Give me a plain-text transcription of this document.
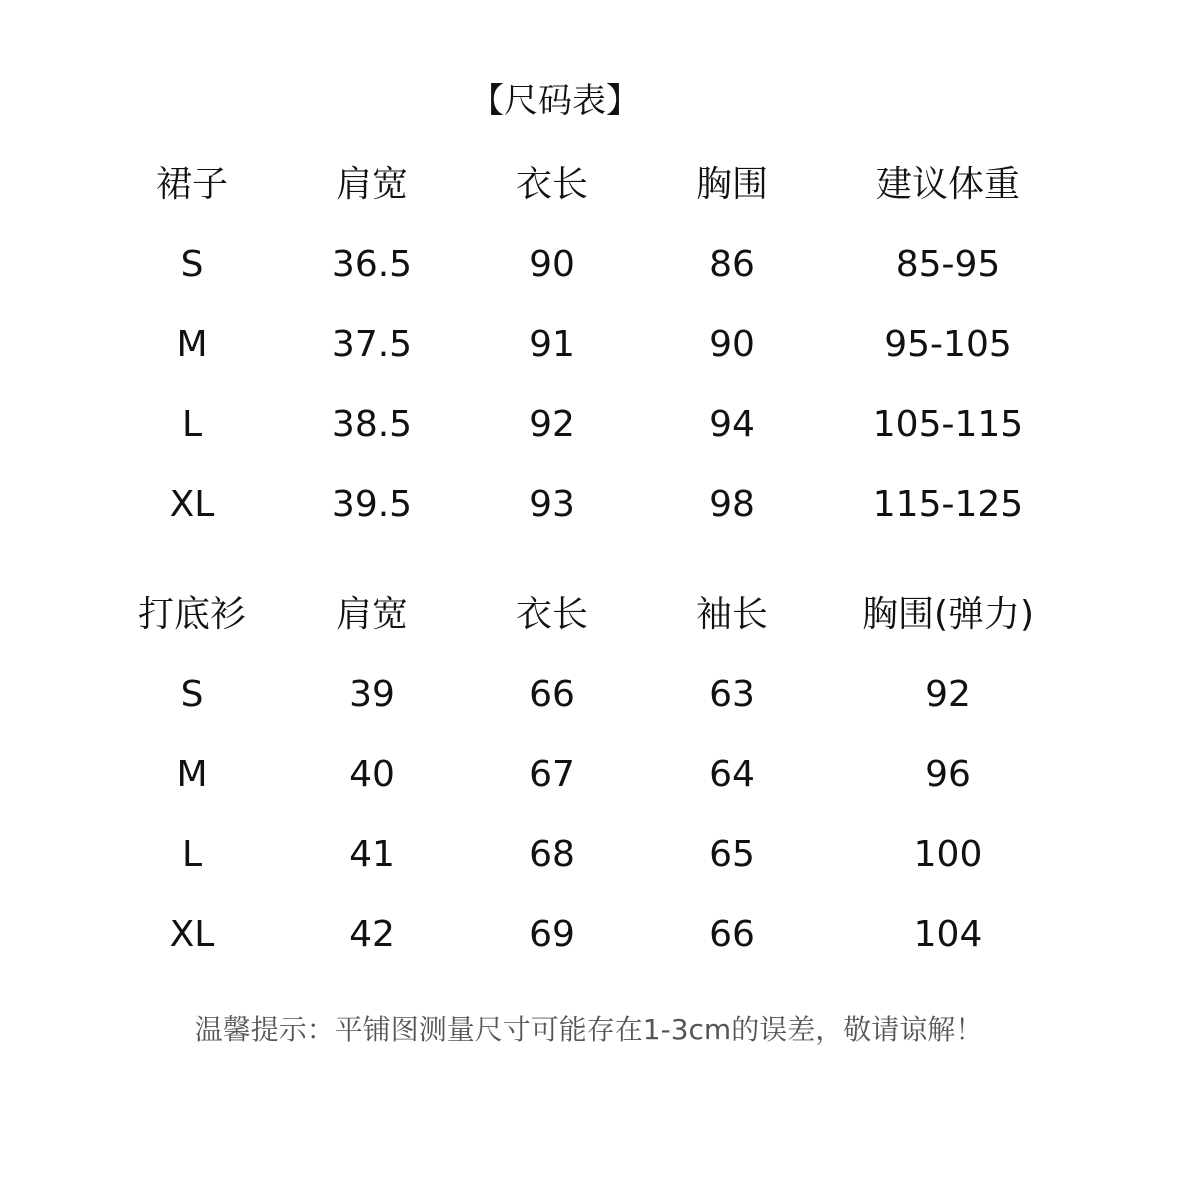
【尺码表】
裙子	肩宽	衣长	胸围	建议体重
S	36.5	90	86	85-95
M	37.5	91	90	95-105
L	38.5	92	94	105-115
XL	39.5	93	98	115-125
打底衫	肩宽	衣长	袖长	胸围(弹力)
S	39	66	63	92
M	40	67	64	96
L	41	68	65	100
XL	42	69	66	104
温馨提示：平铺图测量尺寸可能存在1-3cm的误差，敬请谅解！
